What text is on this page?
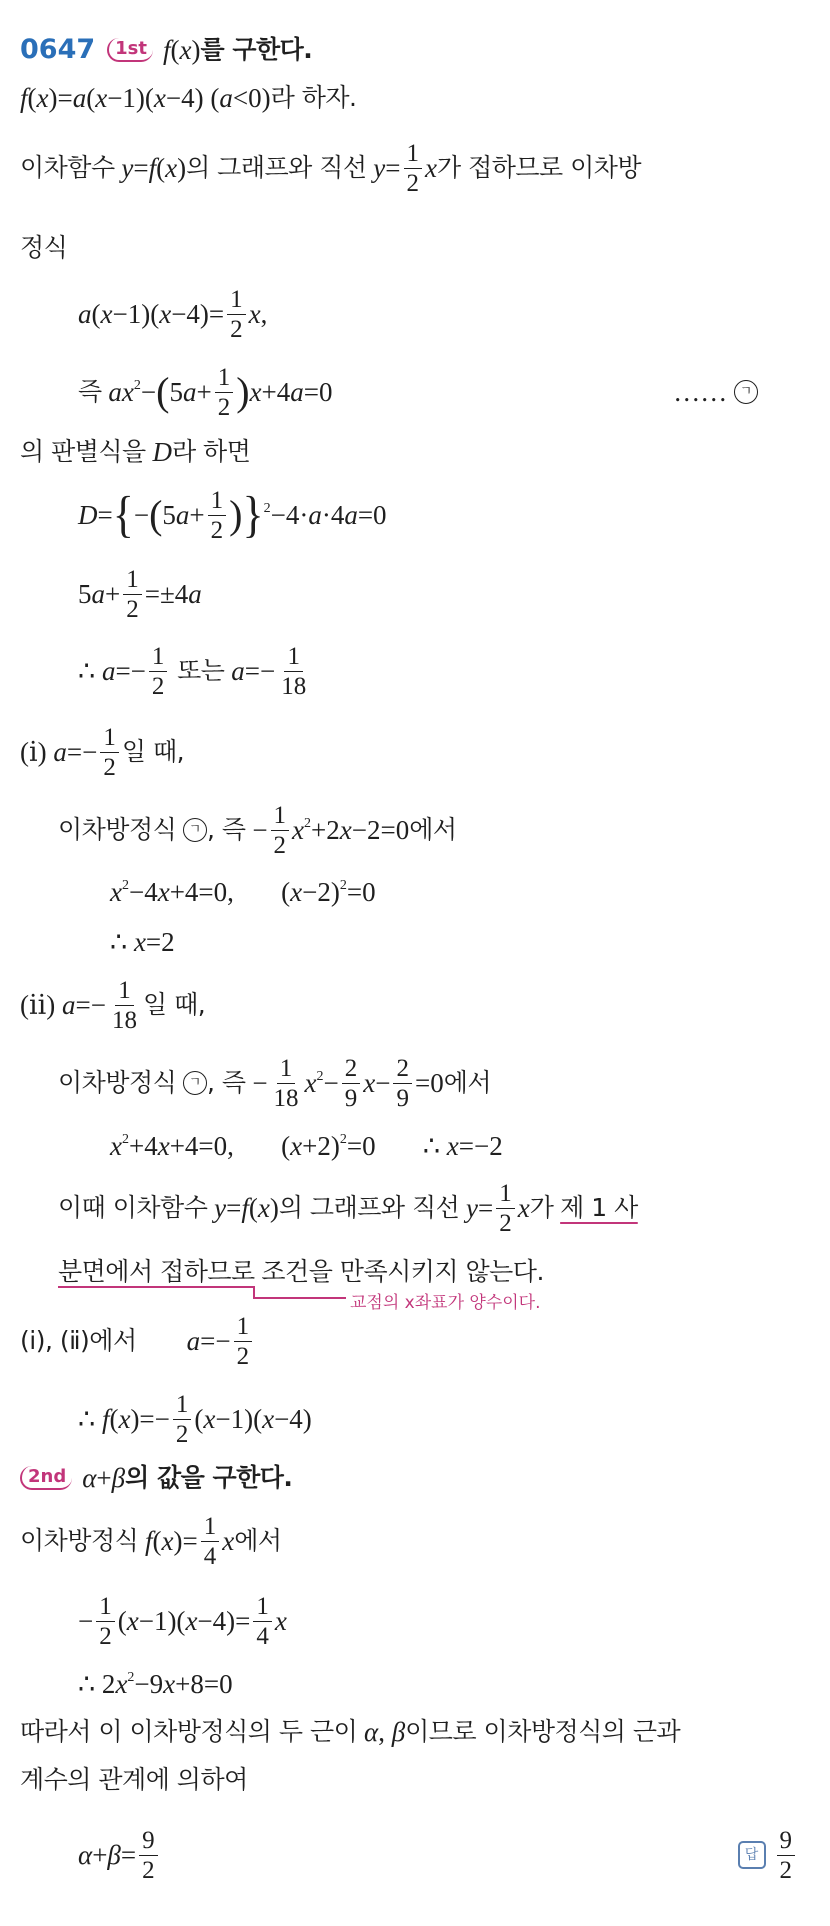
0647	1st f ( x ) 를 구한다.
f ( x )= a ( x −1)( x −4) ( a <0) 라 하자.
이차함수
y = f ( x ) 의 그래프와 직선
$y = \frac{1}{2}$ x 가 접하므로 이차방
정식
a ( x −1)( $x -4)= \frac{1}{2}$ x ,
즉
ax 2 − ( 5 $a + \frac{1}{2}$ ) x +4 a =0	……
ㄱ
의 판별식을
D 라 하면
D = { − ( 5 $a + \frac{1}{2}$ ) } 2 −4· a ·4 a =0
5 $a + \frac{1}{2} =\pm 4$ a
∴ $a =- \frac{1}{2}$
또는
$a =- \frac{1}{18}$
(ⅰ)
$a =- \frac{1}{2}$ 일 때,
이차방정식
ㄱ , 즉 − $\frac{1}{2}$ x 2 +2 x −2=0 에서
x 2 −4 x +4=0,       ( x −2) 2 =0
∴ x =2
(ⅱ)
$a =- \frac{1}{18}$ 일 때,
이차방정식
ㄱ , 즉 − $\frac{1}{18}$ x $2 - \frac{2}{9}$ $x - \frac{2}{9} =0$ 에서
x 2 +4 x +4=0,       ( x +2) 2 =0       ∴ x =−2
이때 이차함수
y = f ( x ) 의 그래프와 직선
$y = \frac{1}{2}$ x 가
제 1 사
분면에서 접하므로
조건을 만족시키지 않는다.
교점의 x좌표가 양수이다.
(ⅰ), (ⅱ)에서 $a =- \frac{1}{2}$
∴ f ( x )=− $\frac{1}{2}$ ( x −1)( x −4)
2nd α + β 의 값을 구한다.
이차방정식
f ( x )= $\frac{1}{4}$ x 에서
− $\frac{1}{2}$ ( x −1)( $x -4)= \frac{1}{4}$ x
∴ 2 x 2 −9 x +8=0
따라서 이 이차방정식의 두 근이
α , β 이므로 이차방정식의 근과
계수의 관계에 의하여
$\alpha + \beta = \frac{9}{2}$	답 $\frac{9}{2}$
